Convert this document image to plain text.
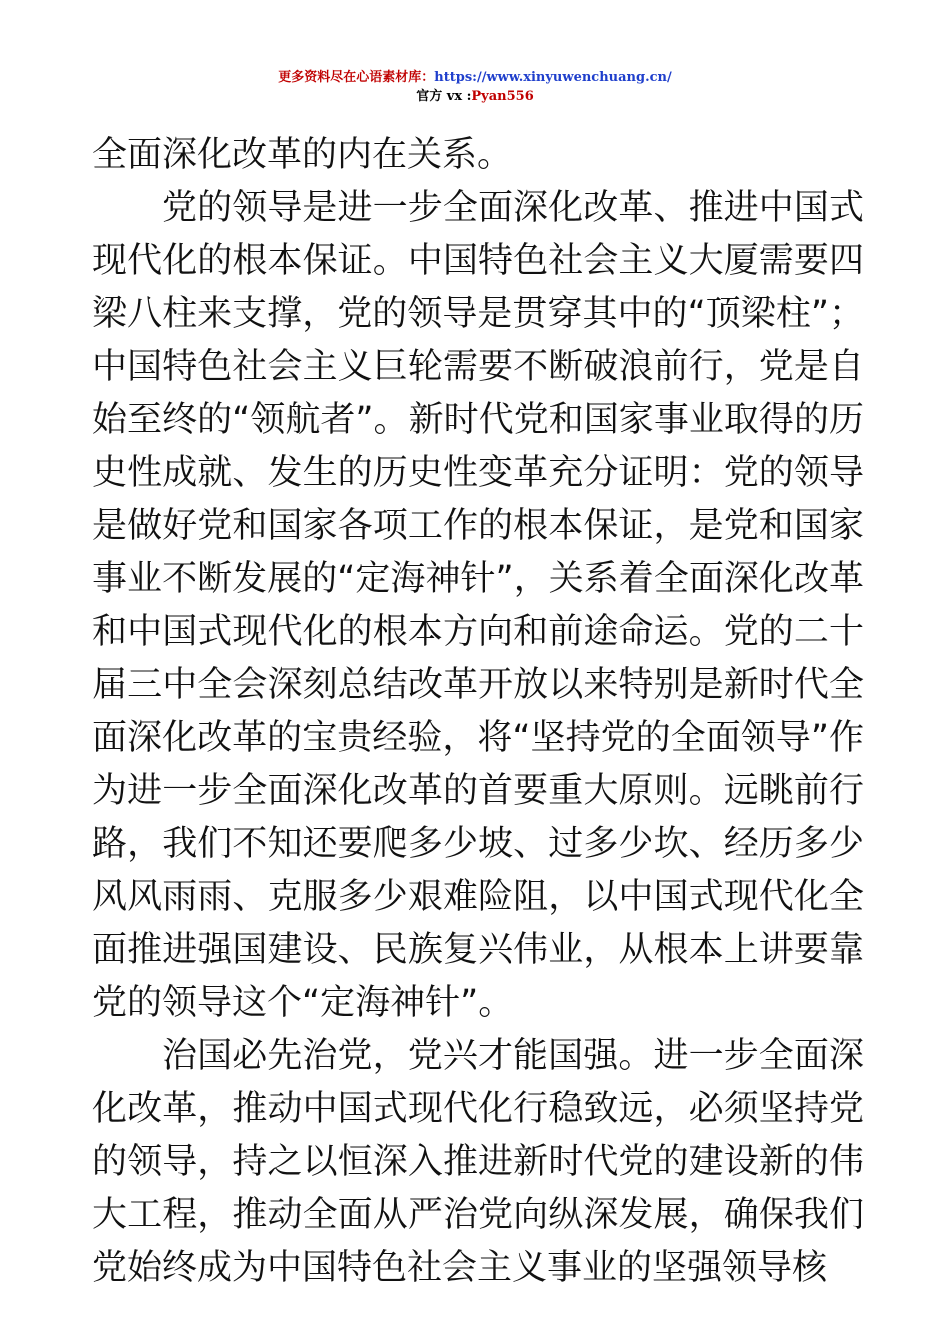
更多资料尽在心语素材库：https://www.xinyuwenchuang.cn/
官方 vx :Pyan556

全面深化改革的内在关系。

党的领导是进一步全面深化改革、推进中国式现代化的根本保证。中国特色社会主义大厦需要四梁八柱来支撑，党的领导是贯穿其中的“顶梁柱”；中国特色社会主义巨轮需要不断破浪前行，党是自始至终的“领航者”。新时代党和国家事业取得的历史性成就、发生的历史性变革充分证明：党的领导是做好党和国家各项工作的根本保证，是党和国家事业不断发展的“定海神针”，关系着全面深化改革和中国式现代化的根本方向和前途命运。党的二十届三中全会深刻总结改革开放以来特别是新时代全面深化改革的宝贵经验，将“坚持党的全面领导”作为进一步全面深化改革的首要重大原则。远眺前行路，我们不知还要爬多少坡、过多少坎、经历多少风风雨雨、克服多少艰难险阻，以中国式现代化全面推进强国建设、民族复兴伟业，从根本上讲要靠党的领导这个“定海神针”。

治国必先治党，党兴才能国强。进一步全面深化改革，推动中国式现代化行稳致远，必须坚持党的领导，持之以恒深入推进新时代党的建设新的伟大工程，推动全面从严治党向纵深发展，确保我们党始终成为中国特色社会主义事业的坚强领导核
